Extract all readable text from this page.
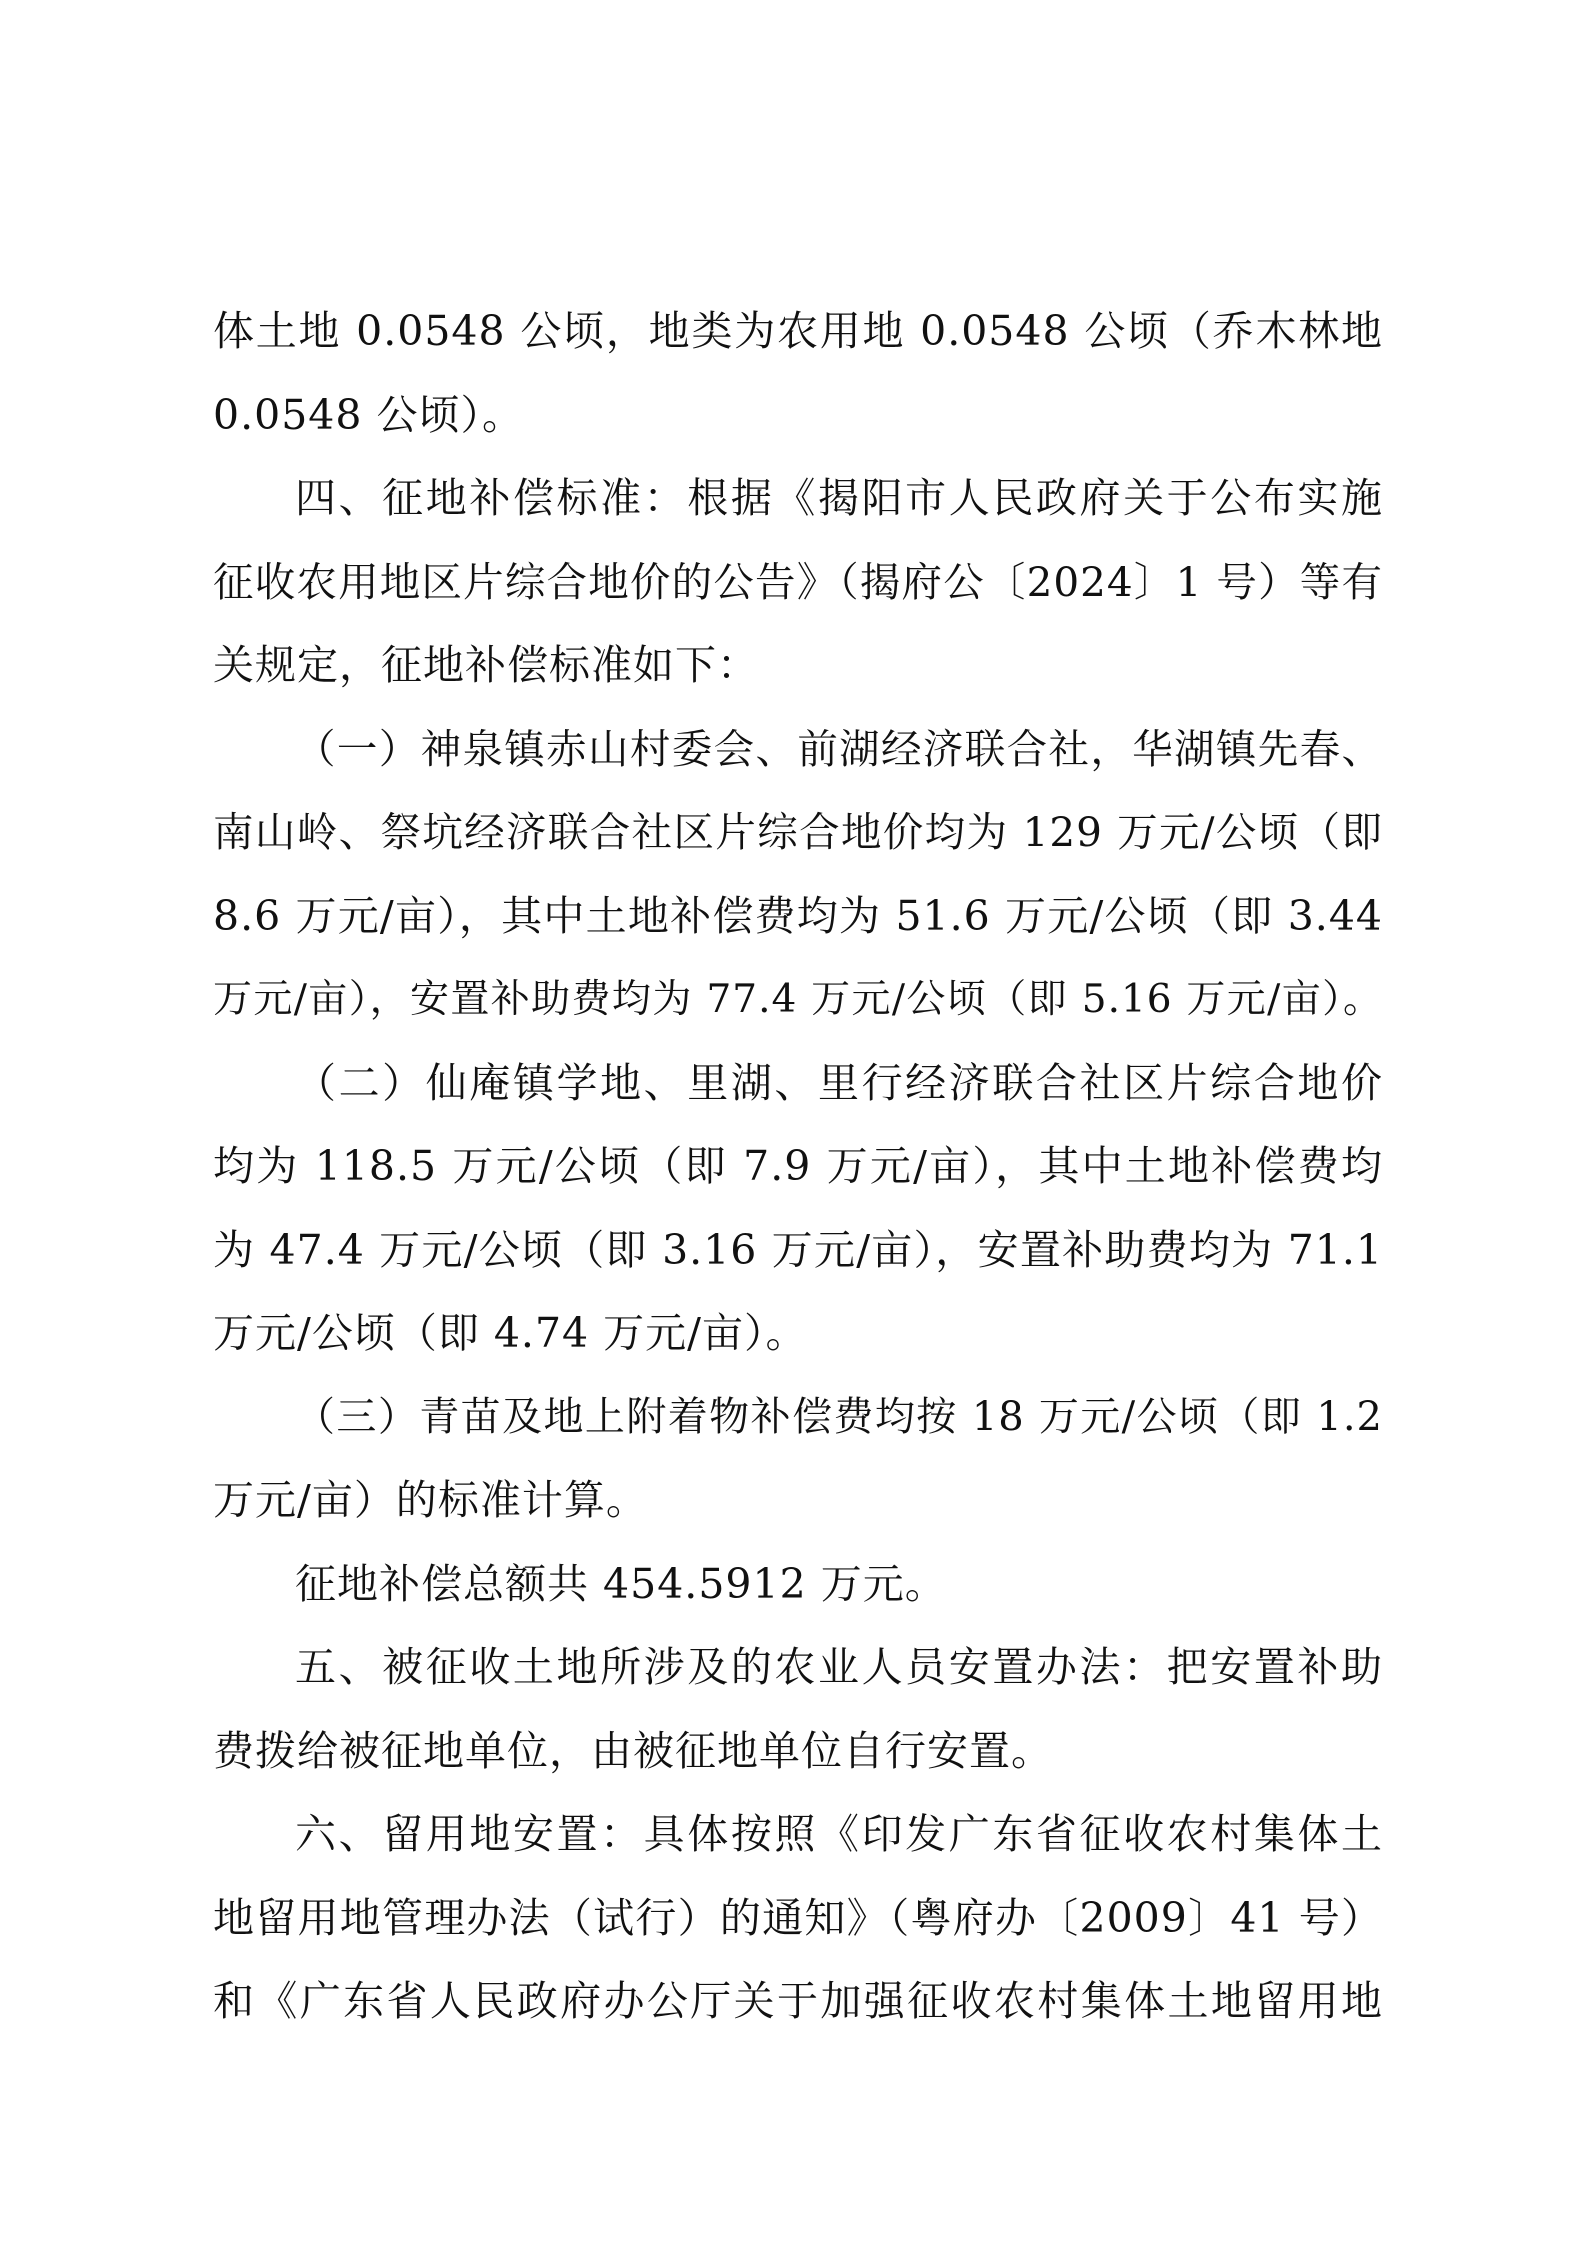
体土地 0.0548 公顷，地类为农用地 0.0548 公顷（乔木林地
0.0548 公顷）。
四、征地补偿标准：根据《揭阳市人民政府关于公布实施
征收农用地区片综合地价的公告》（揭府公〔2024〕1 号）等有
关规定，征地补偿标准如下：
（一）神泉镇赤山村委会、前湖经济联合社，华湖镇先春、
南山岭、祭坑经济联合社区片综合地价均为 129 万元/公顷（即
8.6 万元/亩），其中土地补偿费均为 51.6 万元/公顷（即 3.44
万元/亩），安置补助费均为 77.4 万元/公顷（即 5.16 万元/亩）。
（二）仙庵镇学地、里湖、里行经济联合社区片综合地价
均为 118.5 万元/公顷（即 7.9 万元/亩），其中土地补偿费均
为 47.4 万元/公顷（即 3.16 万元/亩），安置补助费均为 71.1
万元/公顷（即 4.74 万元/亩）。
（三）青苗及地上附着物补偿费均按 18 万元/公顷（即 1.2
万元/亩）的标准计算。
征地补偿总额共 454.5912 万元。
五、被征收土地所涉及的农业人员安置办法：把安置补助
费拨给被征地单位，由被征地单位自行安置。
六、留用地安置：具体按照《印发广东省征收农村集体土
地留用地管理办法（试行）的通知》（粤府办〔2009〕41 号）
和《广东省人民政府办公厅关于加强征收农村集体土地留用地
